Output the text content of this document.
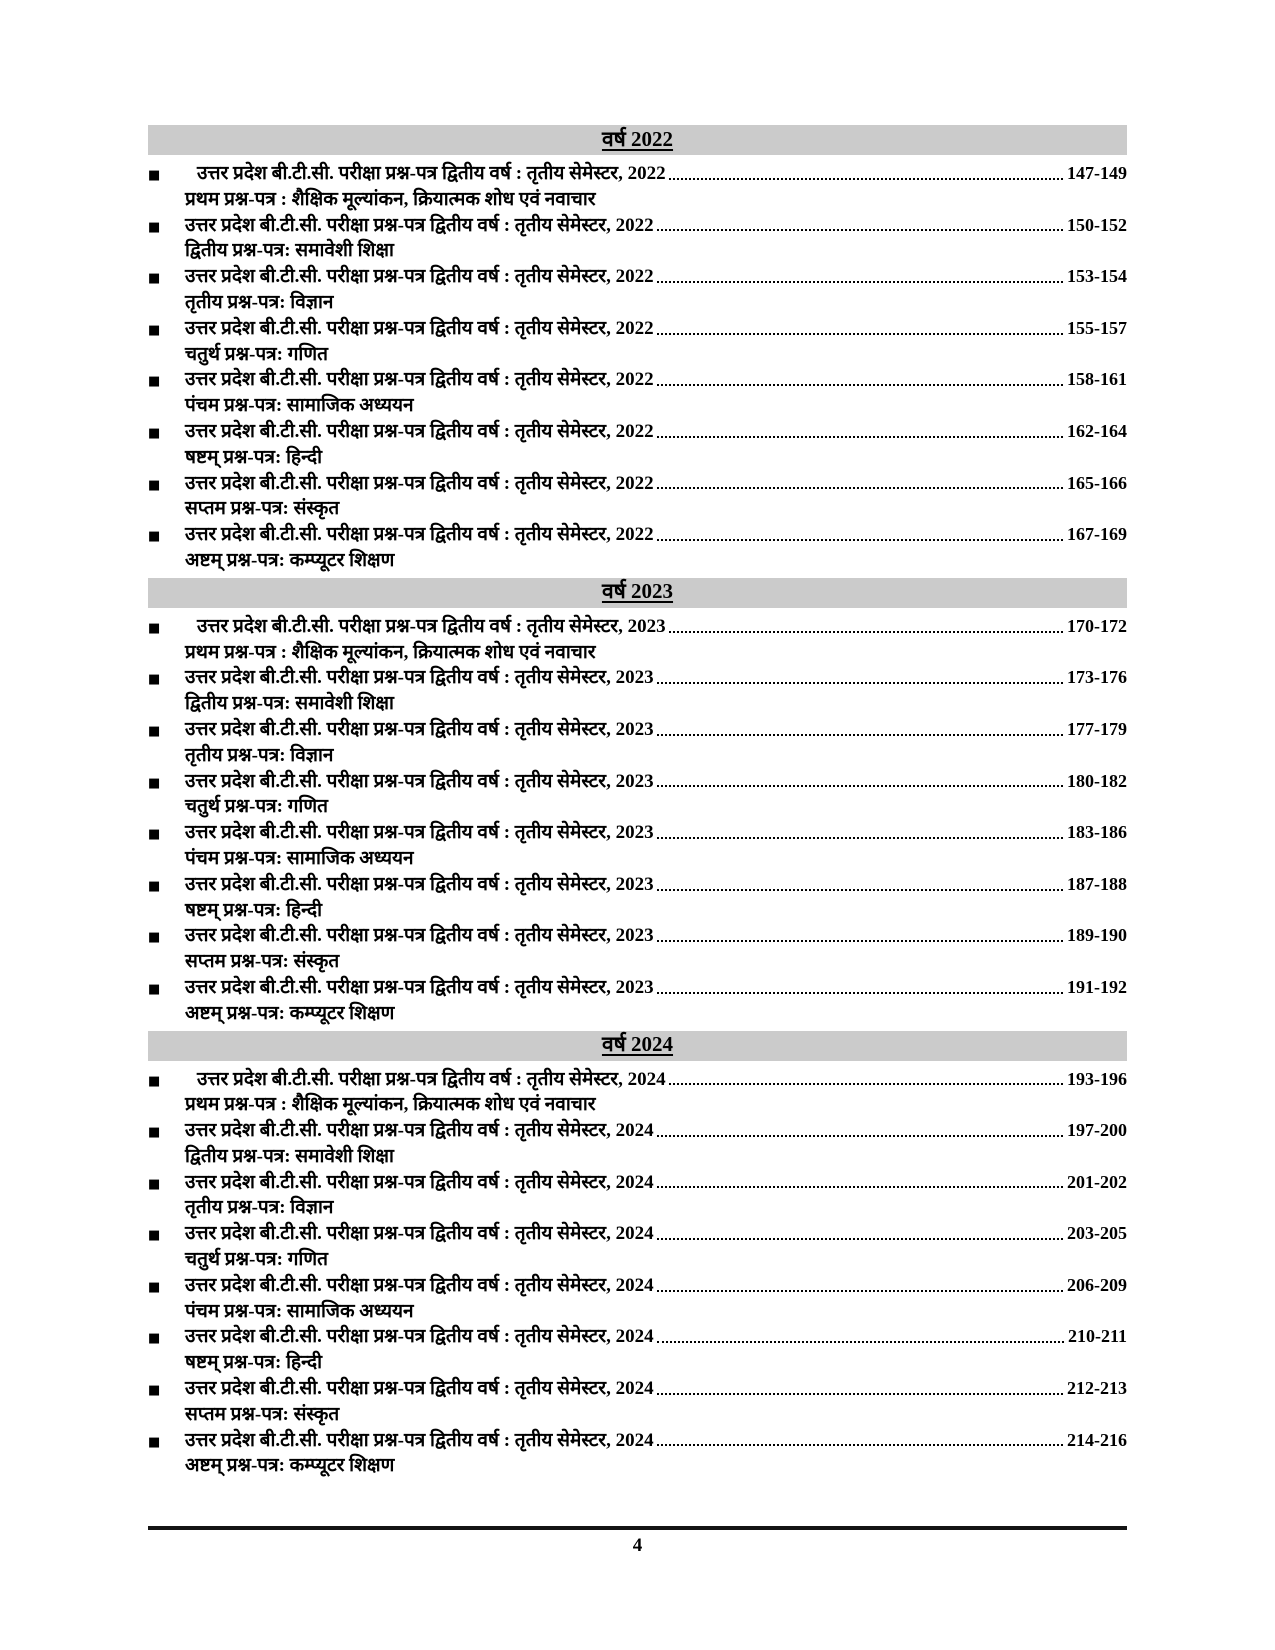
वर्ष 2022
■	उत्तर प्रदेश बी.टी.सी. परीक्षा प्रश्न-पत्र द्वितीय वर्ष : तृतीय सेमेस्टर, 2022	147-149
प्रथम प्रश्न-पत्र : शैक्षिक मूल्यांकन, क्रियात्मक शोध एवं नवाचार
■	उत्तर प्रदेश बी.टी.सी. परीक्षा प्रश्न-पत्र द्वितीय वर्ष : तृतीय सेमेस्टर, 2022	150-152
द्वितीय प्रश्न-पत्र: समावेशी शिक्षा
■	उत्तर प्रदेश बी.टी.सी. परीक्षा प्रश्न-पत्र द्वितीय वर्ष : तृतीय सेमेस्टर, 2022	153-154
तृतीय प्रश्न-पत्र: विज्ञान
■	उत्तर प्रदेश बी.टी.सी. परीक्षा प्रश्न-पत्र द्वितीय वर्ष : तृतीय सेमेस्टर, 2022	155-157
चतुर्थ प्रश्न-पत्र: गणित
■	उत्तर प्रदेश बी.टी.सी. परीक्षा प्रश्न-पत्र द्वितीय वर्ष : तृतीय सेमेस्टर, 2022	158-161
पंचम प्रश्न-पत्र: सामाजिक अध्ययन
■	उत्तर प्रदेश बी.टी.सी. परीक्षा प्रश्न-पत्र द्वितीय वर्ष : तृतीय सेमेस्टर, 2022	162-164
षष्टम् प्रश्न-पत्र: हिन्दी
■	उत्तर प्रदेश बी.टी.सी. परीक्षा प्रश्न-पत्र द्वितीय वर्ष : तृतीय सेमेस्टर, 2022	165-166
सप्तम प्रश्न-पत्र: संस्कृत
■	उत्तर प्रदेश बी.टी.सी. परीक्षा प्रश्न-पत्र द्वितीय वर्ष : तृतीय सेमेस्टर, 2022	167-169
अष्टम् प्रश्न-पत्र: कम्प्यूटर शिक्षण
वर्ष 2023
■	उत्तर प्रदेश बी.टी.सी. परीक्षा प्रश्न-पत्र द्वितीय वर्ष : तृतीय सेमेस्टर, 2023	170-172
प्रथम प्रश्न-पत्र : शैक्षिक मूल्यांकन, क्रियात्मक शोध एवं नवाचार
■	उत्तर प्रदेश बी.टी.सी. परीक्षा प्रश्न-पत्र द्वितीय वर्ष : तृतीय सेमेस्टर, 2023	173-176
द्वितीय प्रश्न-पत्र: समावेशी शिक्षा
■	उत्तर प्रदेश बी.टी.सी. परीक्षा प्रश्न-पत्र द्वितीय वर्ष : तृतीय सेमेस्टर, 2023	177-179
तृतीय प्रश्न-पत्र: विज्ञान
■	उत्तर प्रदेश बी.टी.सी. परीक्षा प्रश्न-पत्र द्वितीय वर्ष : तृतीय सेमेस्टर, 2023	180-182
चतुर्थ प्रश्न-पत्र: गणित
■	उत्तर प्रदेश बी.टी.सी. परीक्षा प्रश्न-पत्र द्वितीय वर्ष : तृतीय सेमेस्टर, 2023	183-186
पंचम प्रश्न-पत्र: सामाजिक अध्ययन
■	उत्तर प्रदेश बी.टी.सी. परीक्षा प्रश्न-पत्र द्वितीय वर्ष : तृतीय सेमेस्टर, 2023	187-188
षष्टम् प्रश्न-पत्र: हिन्दी
■	उत्तर प्रदेश बी.टी.सी. परीक्षा प्रश्न-पत्र द्वितीय वर्ष : तृतीय सेमेस्टर, 2023	189-190
सप्तम प्रश्न-पत्र: संस्कृत
■	उत्तर प्रदेश बी.टी.सी. परीक्षा प्रश्न-पत्र द्वितीय वर्ष : तृतीय सेमेस्टर, 2023	191-192
अष्टम् प्रश्न-पत्र: कम्प्यूटर शिक्षण
वर्ष 2024
■	उत्तर प्रदेश बी.टी.सी. परीक्षा प्रश्न-पत्र द्वितीय वर्ष : तृतीय सेमेस्टर, 2024	193-196
प्रथम प्रश्न-पत्र : शैक्षिक मूल्यांकन, क्रियात्मक शोध एवं नवाचार
■	उत्तर प्रदेश बी.टी.सी. परीक्षा प्रश्न-पत्र द्वितीय वर्ष : तृतीय सेमेस्टर, 2024	197-200
द्वितीय प्रश्न-पत्र: समावेशी शिक्षा
■	उत्तर प्रदेश बी.टी.सी. परीक्षा प्रश्न-पत्र द्वितीय वर्ष : तृतीय सेमेस्टर, 2024	201-202
तृतीय प्रश्न-पत्र: विज्ञान
■	उत्तर प्रदेश बी.टी.सी. परीक्षा प्रश्न-पत्र द्वितीय वर्ष : तृतीय सेमेस्टर, 2024	203-205
चतुर्थ प्रश्न-पत्र: गणित
■	उत्तर प्रदेश बी.टी.सी. परीक्षा प्रश्न-पत्र द्वितीय वर्ष : तृतीय सेमेस्टर, 2024	206-209
पंचम प्रश्न-पत्र: सामाजिक अध्ययन
■	उत्तर प्रदेश बी.टी.सी. परीक्षा प्रश्न-पत्र द्वितीय वर्ष : तृतीय सेमेस्टर, 2024	210-211
षष्टम् प्रश्न-पत्र: हिन्दी
■	उत्तर प्रदेश बी.टी.सी. परीक्षा प्रश्न-पत्र द्वितीय वर्ष : तृतीय सेमेस्टर, 2024	212-213
सप्तम प्रश्न-पत्र: संस्कृत
■	उत्तर प्रदेश बी.टी.सी. परीक्षा प्रश्न-पत्र द्वितीय वर्ष : तृतीय सेमेस्टर, 2024	214-216
अष्टम् प्रश्न-पत्र: कम्प्यूटर शिक्षण
4
